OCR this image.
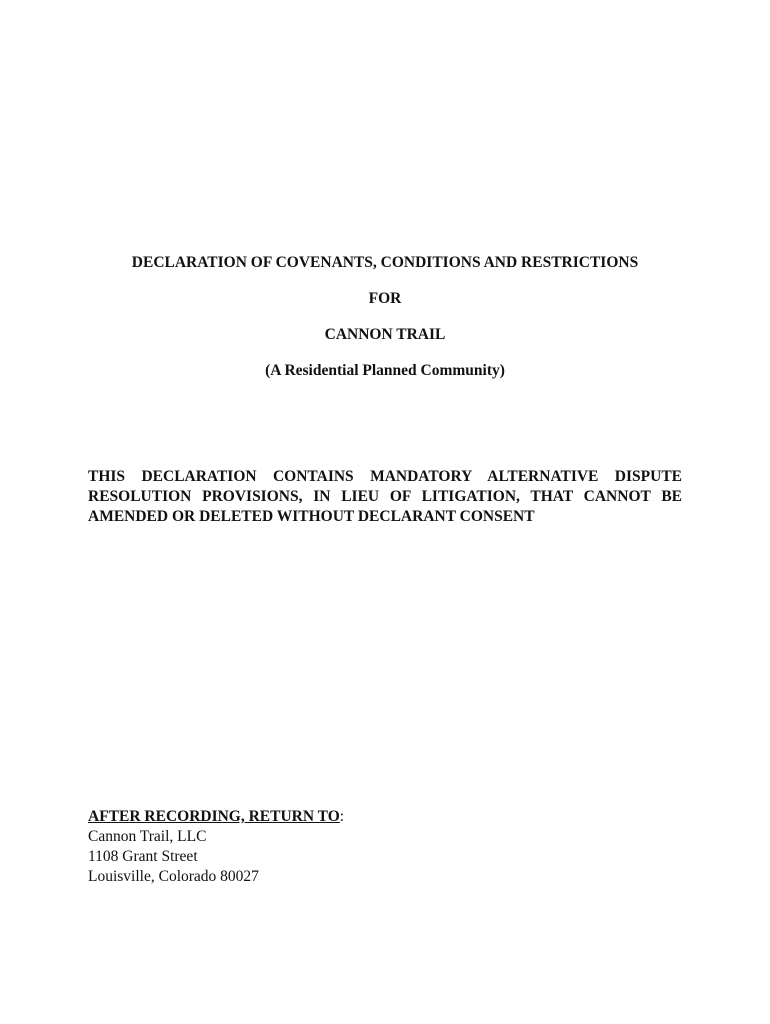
DECLARATION OF COVENANTS, CONDITIONS AND RESTRICTIONS

FOR

CANNON TRAIL

(A Residential Planned Community)

THIS DECLARATION CONTAINS MANDATORY ALTERNATIVE DISPUTE
RESOLUTION PROVISIONS, IN LIEU OF LITIGATION, THAT CANNOT BE
AMENDED OR DELETED WITHOUT DECLARANT CONSENT
AFTER RECORDING, RETURN TO:
Cannon Trail, LLC
1108 Grant Street
Louisville, Colorado 80027
